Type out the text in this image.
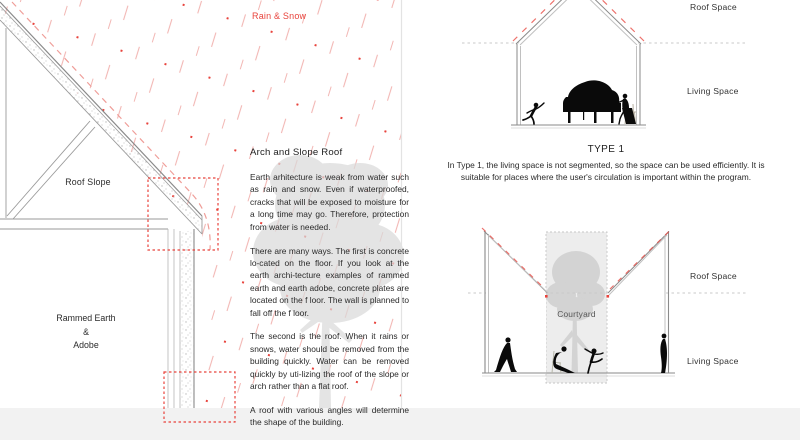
Rain & Snow
Roof Slope
Rammed Earth
&
Adobe
Arch and Slope Roof

Earth arhitecture is weak from water such as rain and snow. Even if waterproofed, cracks that will be exposed to moisture for a long time may go. Therefore, protection from water is needed.

There are many ways. The first is concrete lo-cated on the floor. If you look at the earth archi-tecture examples of rammed earth and earth adobe, concrete plates are located on the f loor. The wall is planned to fall off the f loor.

The second is the roof. When it rains or snows, water should be removed from the building quickly. Water can be removed quickly by uti-lizing the roof of the slope or arch rather than a flat roof.

A roof with various angles will determine the shape of the building.

Roof Space
Living Space
TYPE 1
In Type 1, the living space is not segmented, so the space can be used efficiently. It is suitable for places where the user's circulation is important within the program.
Roof Space
Living Space
Courtyard
